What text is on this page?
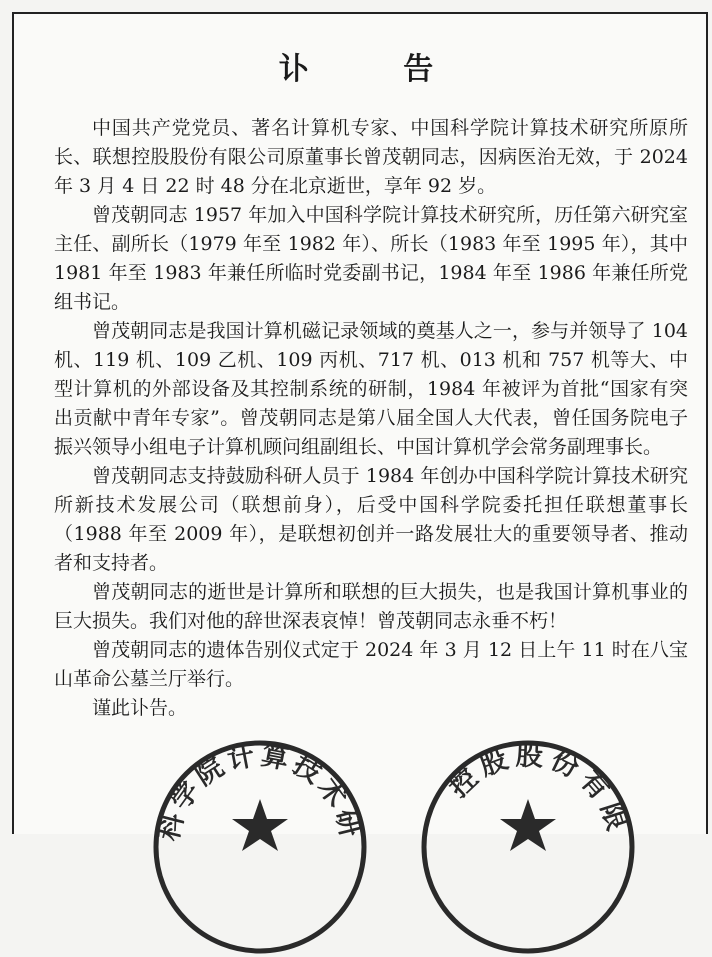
讣 告

中国共产党党员、著名计算机专家、中国科学院计算技术研究所原所长、联想控股股份有限公司原董事长曾茂朝同志，因病医治无效，于 2024 年 3 月 4 日 22 时 48 分在北京逝世，享年 92 岁。

曾茂朝同志 1957 年加入中国科学院计算技术研究所，历任第六研究室主任、副所长（1979 年至 1982 年）、所长（1983 年至 1995 年），其中 1981 年至 1983 年兼任所临时党委副书记，1984 年至 1986 年兼任所党组书记。

曾茂朝同志是我国计算机磁记录领域的奠基人之一，参与并领导了 104 机、119 机、109 乙机、109 丙机、717 机、013 机和 757 机等大、中型计算机的外部设备及其控制系统的研制，1984 年被评为首批“国家有突出贡献中青年专家”。曾茂朝同志是第八届全国人大代表，曾任国务院电子振兴领导小组电子计算机顾问组副组长、中国计算机学会常务副理事长。

曾茂朝同志支持鼓励科研人员于 1984 年创办中国科学院计算技术研究所新技术发展公司（联想前身），后受中国科学院委托担任联想董事长（1988 年至 2009 年），是联想初创并一路发展壮大的重要领导者、推动者和支持者。

曾茂朝同志的逝世是计算所和联想的巨大损失，也是我国计算机事业的巨大损失。我们对他的辞世深表哀悼！曾茂朝同志永垂不朽！

曾茂朝同志的遗体告别仪式定于 2024 年 3 月 12 日上午 11 时在八宝山革命公墓兰厅举行。

谨此讣告。

科学院计算技术研
控股股份有限
